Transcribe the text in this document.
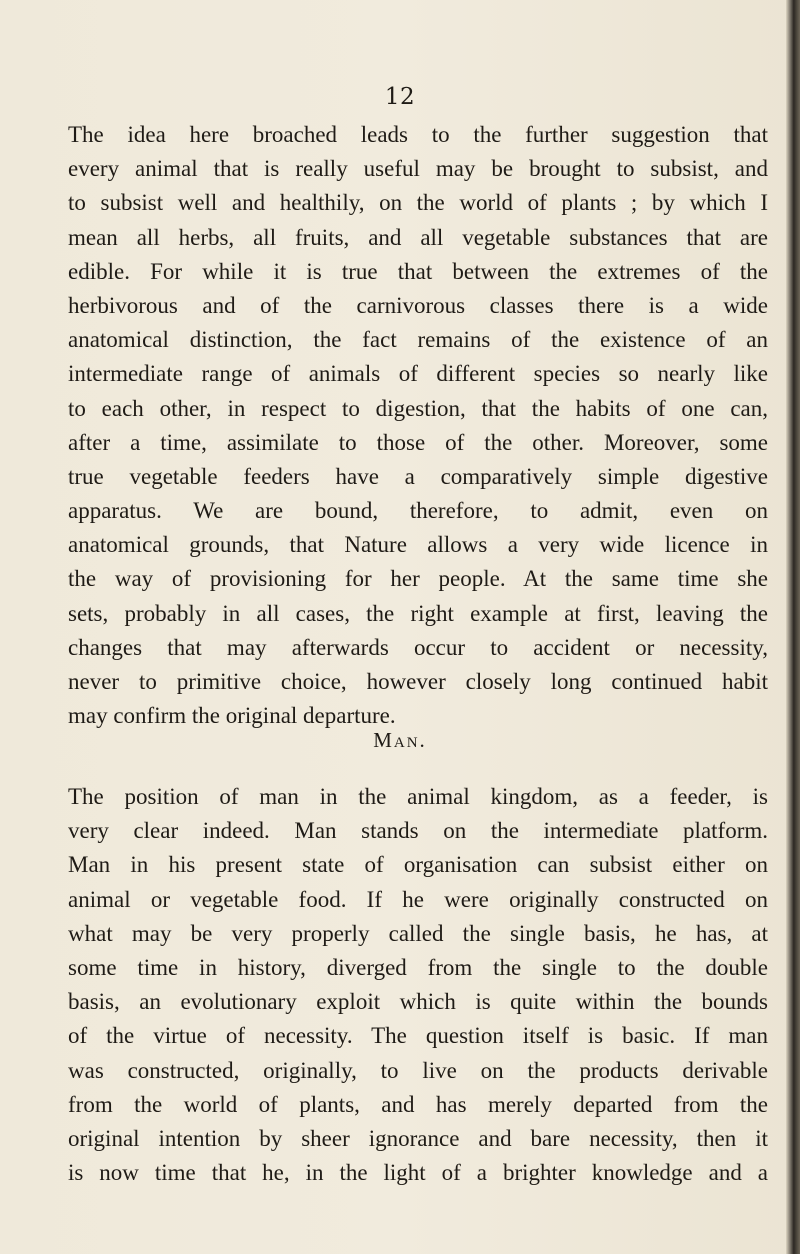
12
The idea here broached leads to the further suggestion that
every animal that is really useful may be brought to subsist, and
to subsist well and healthily, on the world of plants ; by which I
mean all herbs, all fruits, and all vegetable substances that are
edible. For while it is true that between the extremes of the
herbivorous and of the carnivorous classes there is a wide
anatomical distinction, the fact remains of the existence of an
intermediate range of animals of different species so nearly like
to each other, in respect to digestion, that the habits of one can,
after a time, assimilate to those of the other. Moreover, some
true vegetable feeders have a comparatively simple digestive
apparatus. We are bound, therefore, to admit, even on
anatomical grounds, that Nature allows a very wide licence in
the way of provisioning for her people. At the same time she
sets, probably in all cases, the right example at first, leaving the
changes that may afterwards occur to accident or necessity,
never to primitive choice, however closely long continued habit
may confirm the original departure.
Man.
The position of man in the animal kingdom, as a feeder, is
very clear indeed. Man stands on the intermediate platform.
Man in his present state of organisation can subsist either on
animal or vegetable food. If he were originally constructed on
what may be very properly called the single basis, he has, at
some time in history, diverged from the single to the double
basis, an evolutionary exploit which is quite within the bounds
of the virtue of necessity. The question itself is basic. If man
was constructed, originally, to live on the products derivable
from the world of plants, and has merely departed from the
original intention by sheer ignorance and bare necessity, then it
is now time that he, in the light of a brighter knowledge and a
